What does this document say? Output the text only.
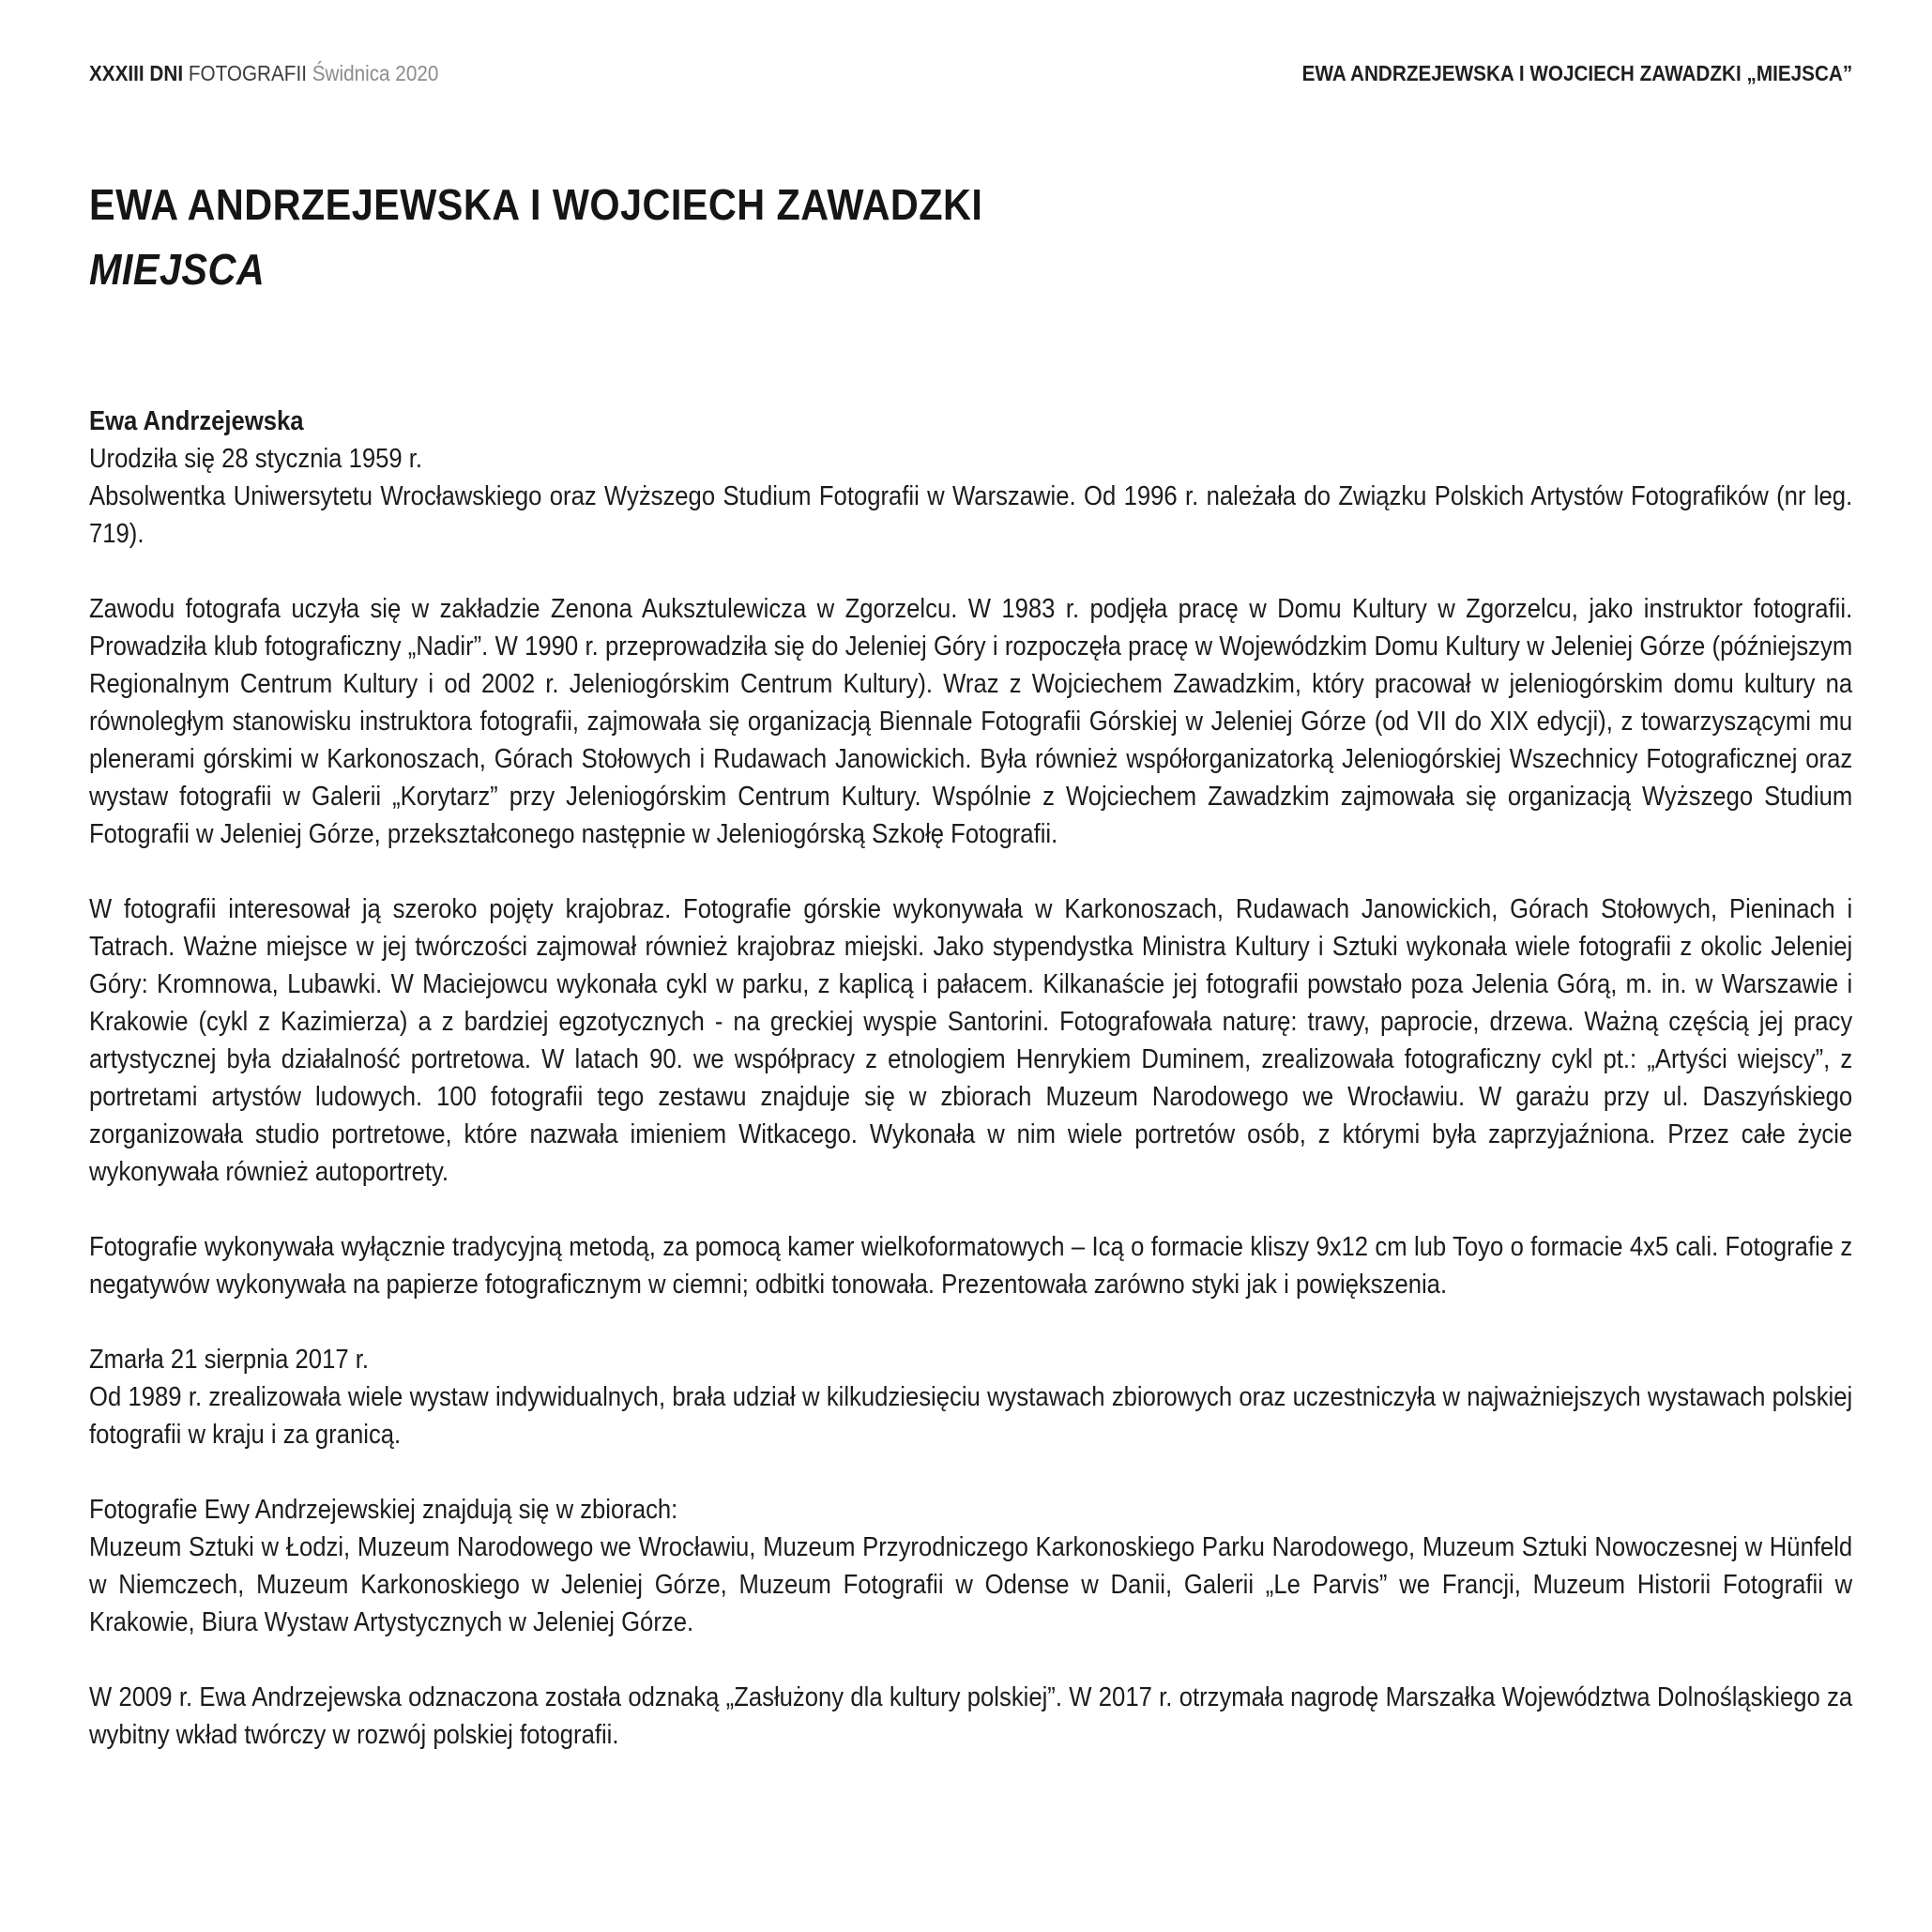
XXXIII DNI FOTOGRAFII Świdnica 2020	EWA ANDRZEJEWSKA I WOJCIECH ZAWADZKI „MIEJSCA”
EWA ANDRZEJEWSKA I WOJCIECH ZAWADZKI
MIEJSCA
Ewa Andrzejewska
Urodziła się 28 stycznia 1959 r.
Absolwentka Uniwersytetu Wrocławskiego oraz Wyższego Studium Fotografii w Warszawie. Od 1996 r. należała do Związku Polskich Artystów Fotografików (nr leg. 719).

Zawodu fotografa uczyła się w zakładzie Zenona Auksztulewicza w Zgorzelcu. W 1983 r. podjęła pracę w Domu Kultury w Zgorzelcu, jako instruktor fotografii. Prowadziła klub fotograficzny „Nadir”. W 1990 r. przeprowadziła się do Jeleniej Góry i rozpoczęła pracę w Wojewódzkim Domu Kultury w Jeleniej Górze (późniejszym Regionalnym Centrum Kultury i od 2002 r. Jeleniogórskim Centrum Kultury). Wraz z Wojciechem Zawadzkim, który pracował w jeleniogórskim domu kultury na równoległym stanowisku instruktora fotografii, zajmowała się organizacją Biennale Fotografii Górskiej w Jeleniej Górze (od VII do XIX edycji), z towarzyszącymi mu plenerami górskimi w Karkonoszach, Górach Stołowych i Rudawach Janowickich. Była również współorganizatorką Jeleniogórskiej Wszechnicy Fotograficznej oraz wystaw fotografii w Galerii „Korytarz” przy Jeleniogórskim Centrum Kultury. Wspólnie z Wojciechem Zawadzkim zajmowała się organizacją Wyższego Studium Fotografii w Jeleniej Górze, przekształconego następnie w Jeleniogórską Szkołę Fotografii.

W fotografii interesował ją szeroko pojęty krajobraz. Fotografie górskie wykonywała w Karkonoszach, Rudawach Janowickich, Górach Stołowych, Pieninach i Tatrach. Ważne miejsce w jej twórczości zajmował również krajobraz miejski. Jako stypendystka Ministra Kultury i Sztuki wykonała wiele fotografii z okolic Jeleniej Góry: Kromnowa, Lubawki. W Maciejowcu wykonała cykl w parku, z kaplicą i pałacem. Kilkanaście jej fotografii powstało poza Jelenia Górą, m. in. w Warszawie i Krakowie (cykl z Kazimierza) a z bardziej egzotycznych - na greckiej wyspie Santorini. Fotografowała naturę: trawy, paprocie, drzewa. Ważną częścią jej pracy artystycznej była działalność portretowa. W latach 90. we współpracy z etnologiem Henrykiem Duminem, zrealizowała fotograficzny cykl pt.: „Artyści wiejscy”, z portretami artystów ludowych. 100 fotografii tego zestawu znajduje się w zbiorach Muzeum Narodowego we Wrocławiu. W garażu przy ul. Daszyńskiego zorganizowała studio portretowe, które nazwała imieniem Witkacego. Wykonała w nim wiele portretów osób, z którymi była zaprzyjaźniona. Przez całe życie wykonywała również autoportrety.

Fotografie wykonywała wyłącznie tradycyjną metodą, za pomocą kamer wielkoformatowych – Icą o formacie kliszy 9x12 cm lub Toyo o formacie 4x5 cali. Fotografie z negatywów wykonywała na papierze fotograficznym w ciemni; odbitki tonowała. Prezentowała zarówno styki jak i powiększenia.

Zmarła 21 sierpnia 2017 r.
Od 1989 r. zrealizowała wiele wystaw indywidualnych, brała udział w kilkudziesięciu wystawach zbiorowych oraz uczestniczyła w najważniejszych wystawach polskiej fotografii w kraju i za granicą.
Fotografie Ewy Andrzejewskiej znajdują się w zbiorach:
Muzeum Sztuki w Łodzi, Muzeum Narodowego we Wrocławiu, Muzeum Przyrodniczego Karkonoskiego Parku Narodowego, Muzeum Sztuki Nowoczesnej w Hünfeld w Niemczech, Muzeum Karkonoskiego w Jeleniej Górze, Muzeum Fotografii w Odense w Danii, Galerii „Le Parvis” we Francji, Muzeum Historii Fotografii w Krakowie, Biura Wystaw Artystycznych w Jeleniej Górze.

W 2009 r. Ewa Andrzejewska odznaczona została odznaką „Zasłużony dla kultury polskiej”. W 2017 r. otrzymała nagrodę Marszałka Województwa Dolnośląskiego za wybitny wkład twórczy w rozwój polskiej fotografii.
